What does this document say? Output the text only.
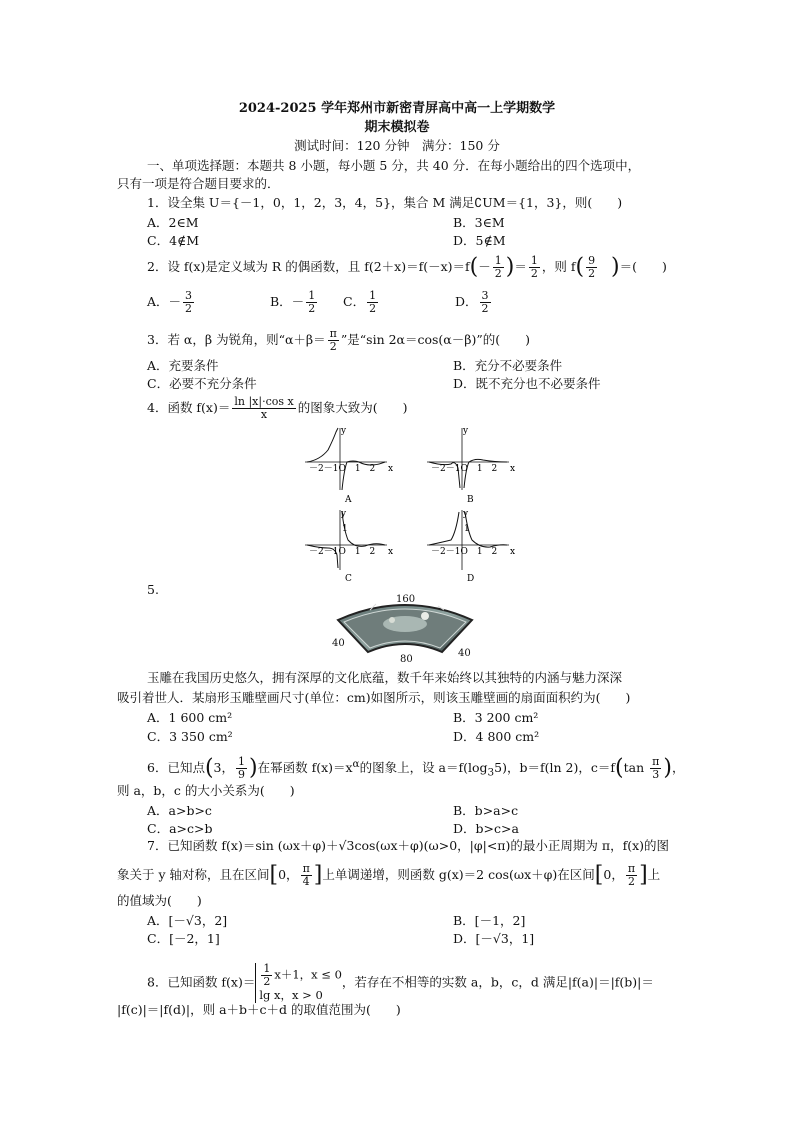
2024-2025 学年郑州市新密青屏高中高一上学期数学
期末模拟卷
测试时间：120 分钟　满分：150 分
一、单项选择题：本题共 8 小题，每小题 5 分，共 40 分．在每小题给出的四个选项中，
只有一项是符合题目要求的．
1．设全集 U＝{－1，0，1，2，3，4，5}，集合 M 满足∁UM＝{1，3}，则(　　)
A．2∈M	B．3∈M
C．4∉M	D．5∉M
2．设 f(x)是定义域为 R 的偶函数，且 $f(2+x)=f(-x)=f(- \frac{1}{2}$ )＝ $\frac{1}{2}$ ，则 $f( \frac{9}{2}$ )＝(　　)
A．－ $\frac{3}{2}$	B．－ $\frac{1}{2}$ C． $\frac{1}{2}$	D． $\frac{3}{2}$
3．若 α，β 为锐角，则“$\alpha+\beta= \frac{\pi}{2}$ ”是“sin 2α＝cos(α－β)”的(　　)
A．充要条件	B．充分不必要条件
C．必要不充分条件	D．既不充分也不必要条件
4．函数 $f(x)= \frac{\text{ln |x|·cos x}}{x}$ 的图象大致为(　　)
－2－1O　1　2 x
y
A
－2－1O　1　2 x
y
B
－2－1O　1　2 x
y
1
C
－2－1O　1　2 x
y
1
D
5.
160
40
40
80
玉雕在我国历史悠久，拥有深厚的文化底蕴，数千年来始终以其独特的内涵与魅力深深
吸引着世人．某扇形玉雕壁画尺寸(单位：cm)如图所示，则该玉雕壁画的扇面面积约为(　　)
A．1 600 cm²	B．3 200 cm²
C．3 350 cm²	D．4 800 cm²
6．已知点(3， $\frac{1}{9}$ )在幂函数 $f(x)=x^\alpha$的图象上，设 $a=f(\log_35)$，b＝f(ln 2)，$c=f(\tan \frac{\pi}{3}$ )，
则 a，b，c 的大小关系为(　　)
A．a>b>c	B．b>a>c
C．a>c>b	D．b>c>a
7．已知函数 f(x)＝sin (ωx＋φ)＋√3cos(ωx＋φ)(ω>0，|φ|<π)的最小正周期为 π，f(x)的图
象关于 y 轴对称，且在区间[0， $\frac{\pi}{4}$ ]上单调递增，则函数 g(x)＝2 cos(ωx＋φ)在区间[0， $\frac{\pi}{2}$ ]上
的值域为(　　)
A．[－√3，2]	B．[－1，2]
C．[－2，1]	D．[－√3，1]
8．已知函数 $f(x)= \frac{1}{2} x+1$，x ≤ 0
lg x，x > 0
，若存在不相等的实数 a，b，c，d 满足|f(a)|＝|f(b)|＝
|f(c)|＝|f(d)|，则 a＋b＋c＋d 的取值范围为(　　)
